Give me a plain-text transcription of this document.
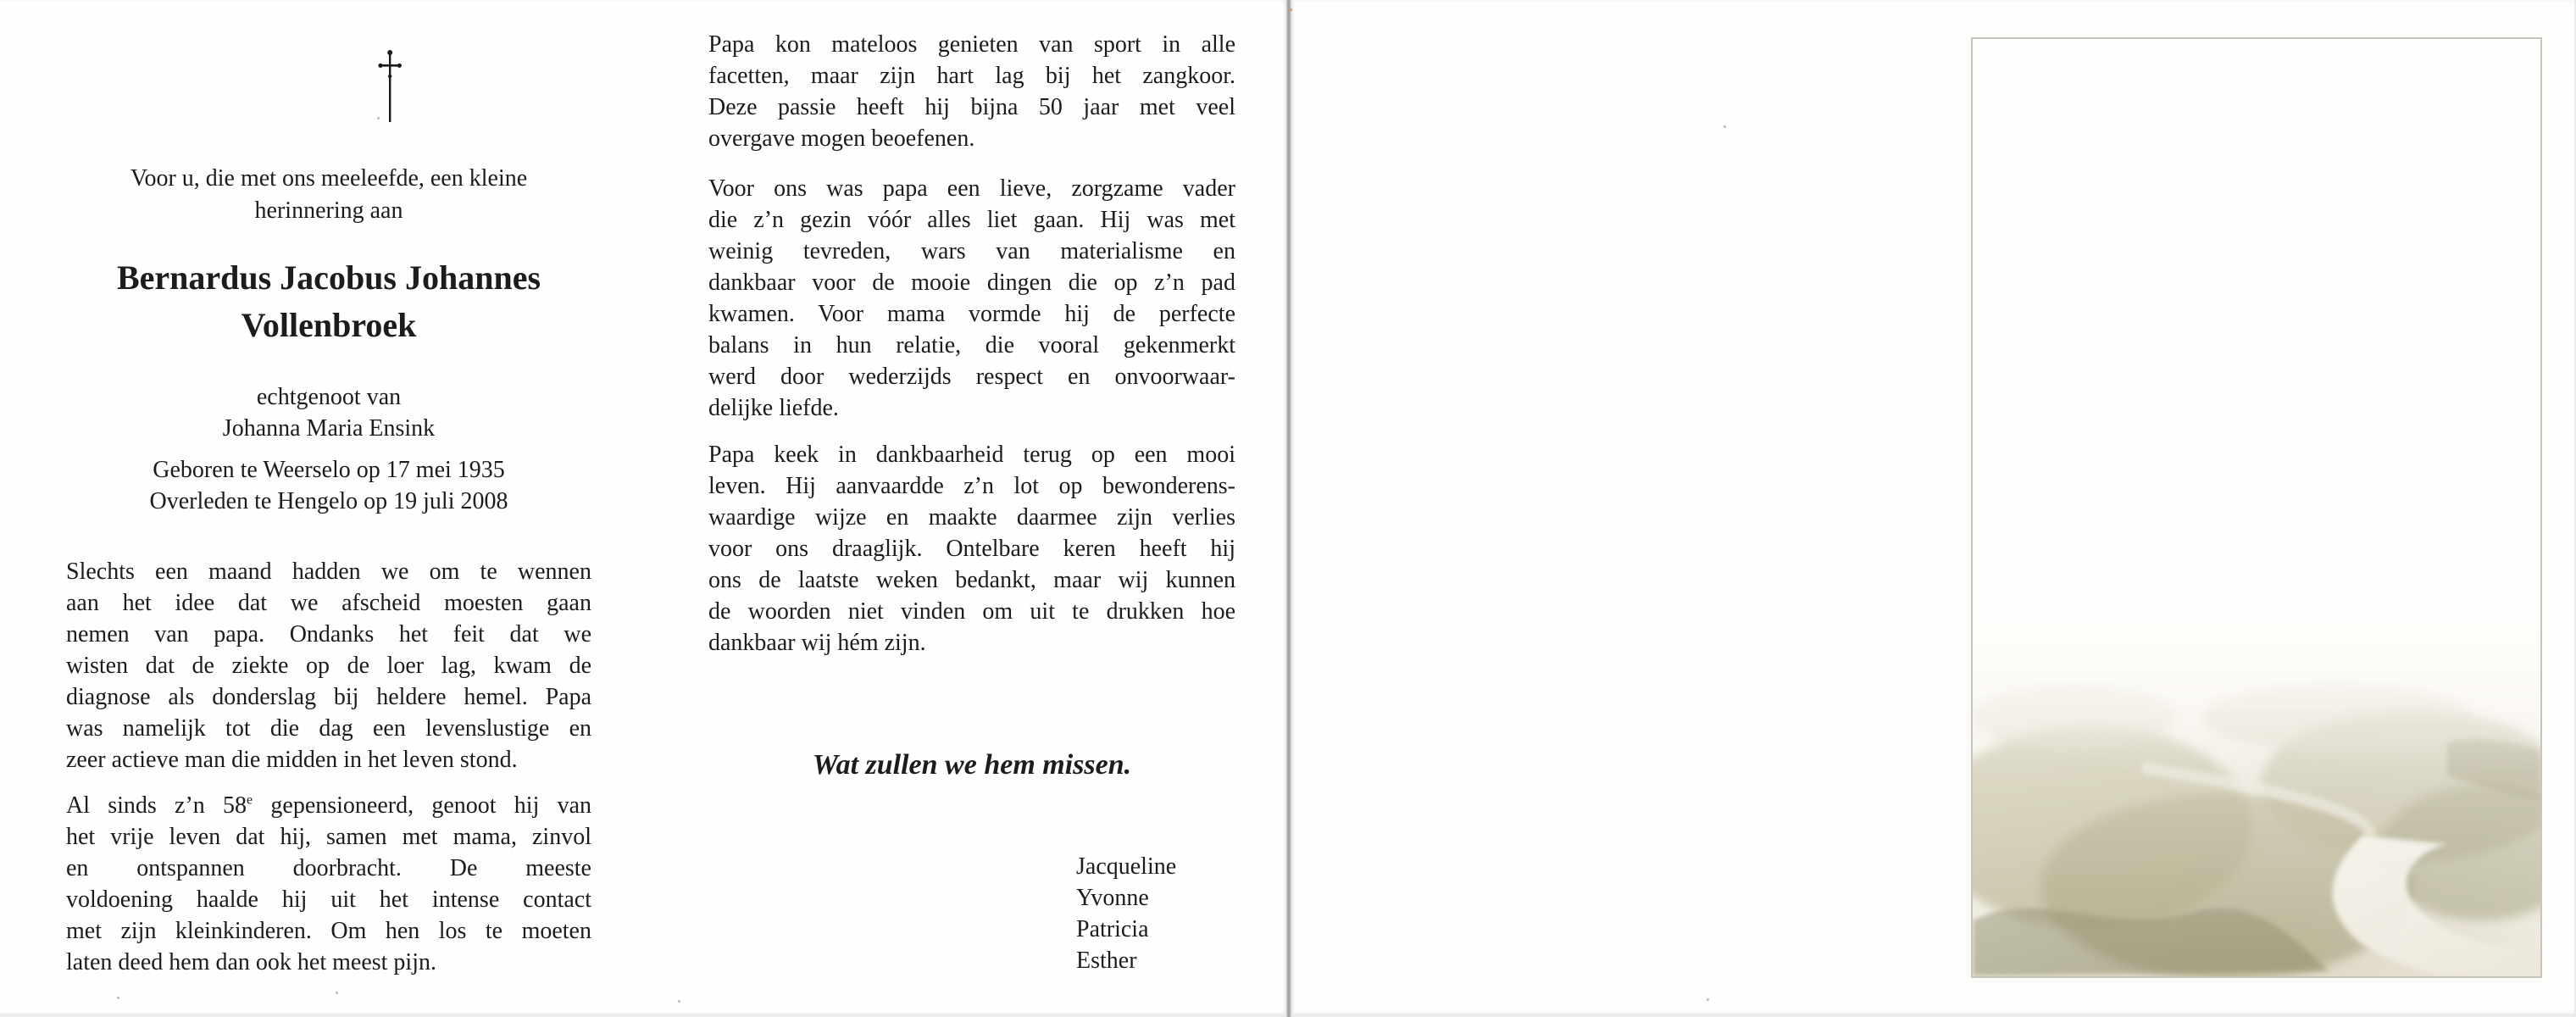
Voor u, die met ons meeleefde, een kleine
herinnering aan
Bernardus Jacobus Johannes
Vollenbroek
echtgenoot van
Johanna Maria Ensink
Geboren te Weerselo op 17 mei 1935
Overleden te Hengelo op 19 juli 2008
Slechts een maand hadden we om te wennen
aan het idee dat we afscheid moesten gaan
nemen van papa. Ondanks het feit dat we
wisten dat de ziekte op de loer lag, kwam de
diagnose als donderslag bij heldere hemel. Papa
was namelijk tot die dag een levenslustige en
zeer actieve man die midden in het leven stond.
Al sinds z’n 58e gepensioneerd, genoot hij van
het vrije leven dat hij, samen met mama, zinvol
en ontspannen doorbracht. De meeste
voldoening haalde hij uit het intense contact
met zijn kleinkinderen. Om hen los te moeten
laten deed hem dan ook het meest pijn.
Papa kon mateloos genieten van sport in alle
facetten, maar zijn hart lag bij het zangkoor.
Deze passie heeft hij bijna 50 jaar met veel
overgave mogen beoefenen.
Voor ons was papa een lieve, zorgzame vader
die z’n gezin vóór alles liet gaan. Hij was met
weinig tevreden, wars van materialisme en
dankbaar voor de mooie dingen die op z’n pad
kwamen. Voor mama vormde hij de perfecte
balans in hun relatie, die vooral gekenmerkt
werd door wederzijds respect en onvoorwaar-
delijke liefde.
Papa keek in dankbaarheid terug op een mooi
leven. Hij aanvaardde z’n lot op bewonderens-
waardige wijze en maakte daarmee zijn verlies
voor ons draaglijk. Ontelbare keren heeft hij
ons de laatste weken bedankt, maar wij kunnen
de woorden niet vinden om uit te drukken hoe
dankbaar wij hém zijn.
Wat zullen we hem missen.
Jacqueline
Yvonne
Patricia
Esther
